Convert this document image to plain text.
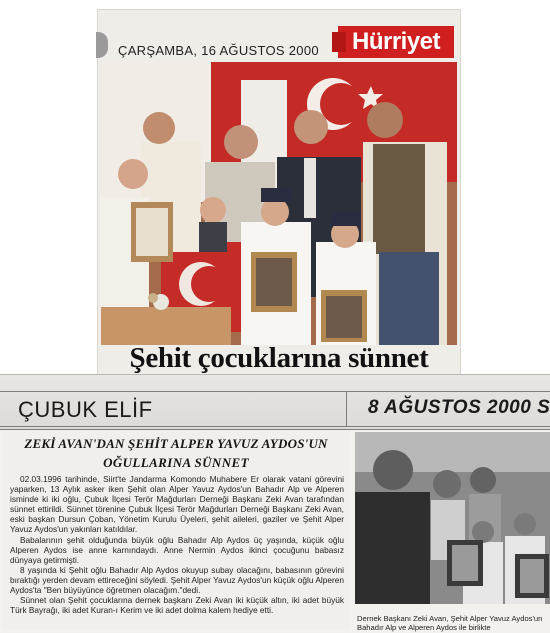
ÇARŞAMBA, 16 AĞUSTOS 2000	Hürriyet
Şehit çocuklarına sünnet
ÇUBUK ELİF	8 AĞUSTOS 2000 S
ZEKİ AVAN'DAN ŞEHİT ALPER YAVUZ AYDOS'UN
OĞULLARINA SÜNNET

02.03.1996 tarihinde, Siirt'te Jandarma Komondo Muhabere Er olarak vatani görevini yaparken, 13 Aylık asker iken Şehit olan Alper Yavuz Aydos'un Bahadır Alp ve Alperen isminde ki iki oğlu, Çubuk İlçesi Terör Mağdurları Derneği Başkanı Zeki Avan tarafından sünnet ettirildi. Sünnet törenine Çubuk İlçesi Terör Mağdurları Derneği Başkanı Zeki Avan, eski başkan Dursun Çoban, Yönetim Kurulu Üyeleri, şehit aileleri, gaziler ve Şehit Alper Yavuz Aydos'un yakınları katıldılar.

Babalarının şehit olduğunda büyük oğlu Bahadır Alp Aydos üç yaşında, küçük oğlu Alperen Aydos ise anne karnındaydı. Anne Nermin Aydos ikinci çocuğunu babasız dünyaya getirmişti.

8 yaşında ki Şehit oğlu Bahadır Alp Aydos okuyup subay olacağını, babasının görevini bıraktığı yerden devam ettireceğini söyledi. Şehit Alper Yavuz Aydos'un küçük oğlu Alperen Aydos'ta "Ben büyüyünce öğretmen olacağım."dedi.

Sünnet olan Şehit çocuklarına dernek başkanı Zeki Avan iki küçük altın, iki adet büyük Türk Bayrağı, iki adet Kuran-ı Kerim ve iki adet dolma kalem hediye etti.

Dernek Başkanı Zeki Avan, Şehit Alper Yavuz Aydos'un Bahadır Alp ve Alperen Aydos ile birlikte
